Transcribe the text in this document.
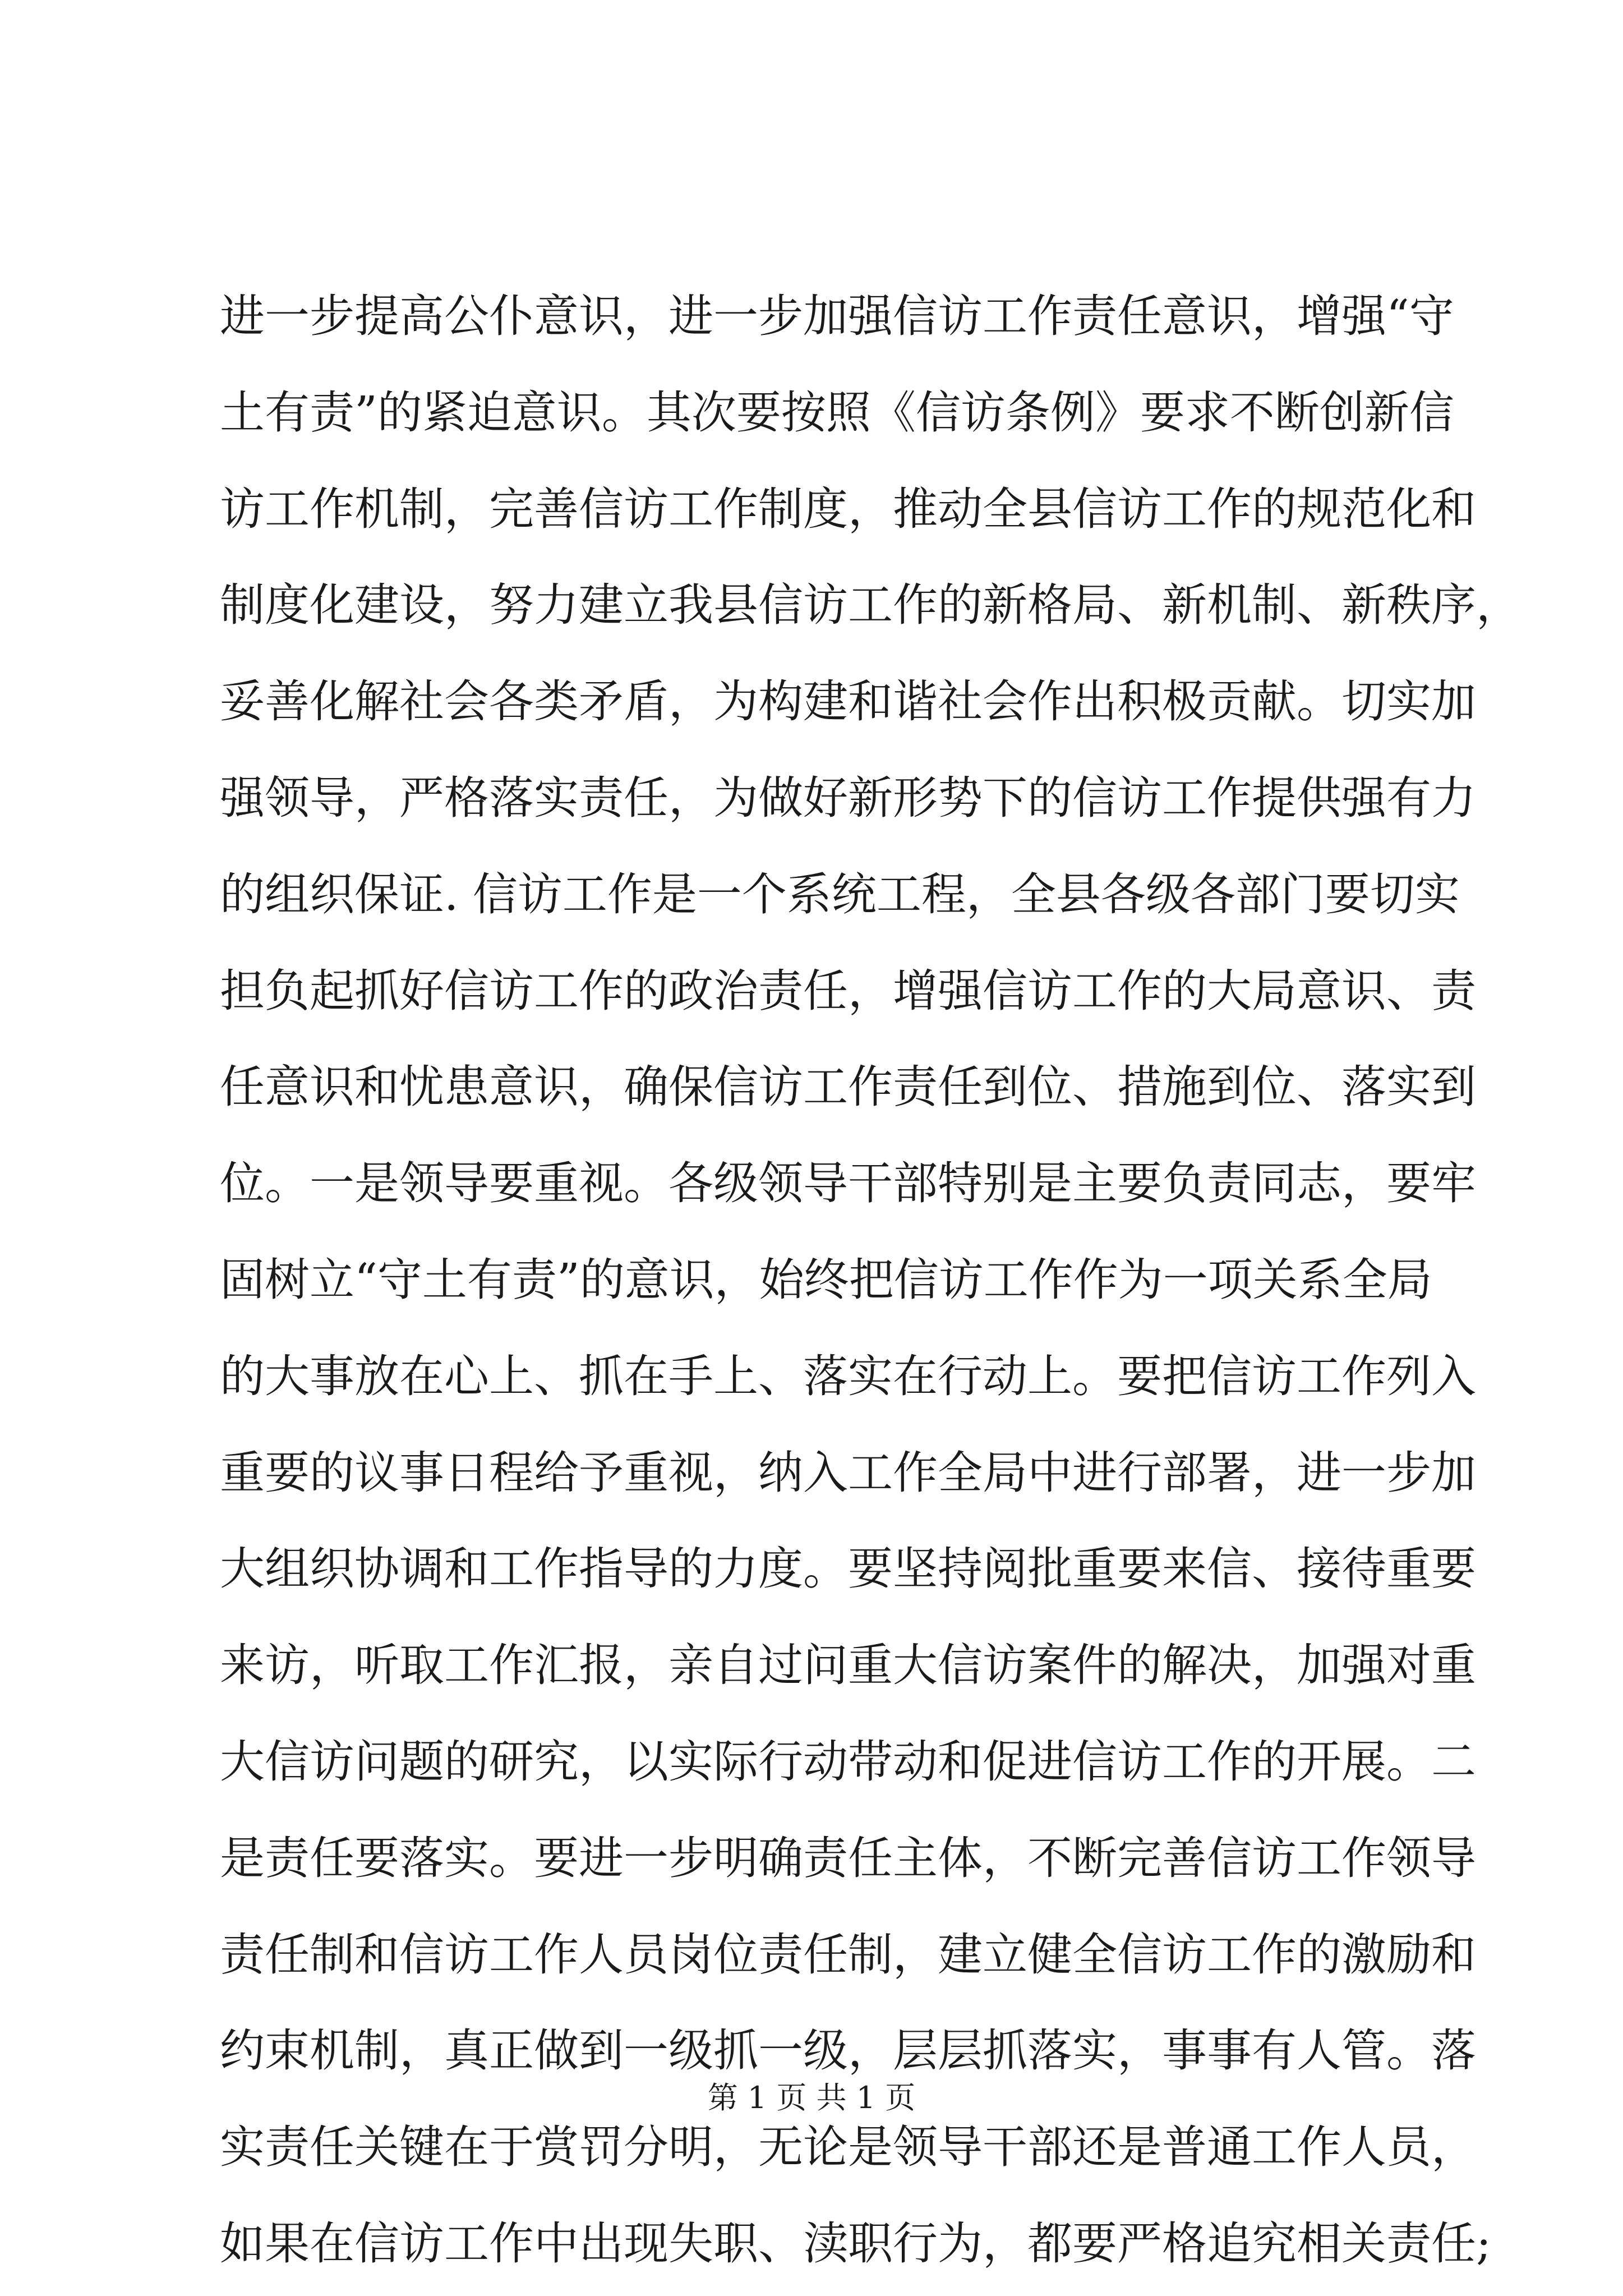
进一步提高公仆意识，进一步加强信访工作责任意识，增强“守
土有责”的紧迫意识。其次要按照《信访条例》要求不断创新信
访工作机制，完善信访工作制度，推动全县信访工作的规范化和
制度化建设，努力建立我县信访工作的新格局、新机制、新秩序，
妥善化解社会各类矛盾，为构建和谐社会作出积极贡献。切实加
强领导，严格落实责任，为做好新形势下的信访工作提供强有力
的组织保证. 信访工作是一个系统工程，全县各级各部门要切实
担负起抓好信访工作的政治责任，增强信访工作的大局意识、责
任意识和忧患意识，确保信访工作责任到位、措施到位、落实到
位。一是领导要重视。各级领导干部特别是主要负责同志，要牢
固树立“守土有责”的意识，始终把信访工作作为一项关系全局
的大事放在心上、抓在手上、落实在行动上。要把信访工作列入
重要的议事日程给予重视，纳入工作全局中进行部署，进一步加
大组织协调和工作指导的力度。要坚持阅批重要来信、接待重要
来访，听取工作汇报，亲自过问重大信访案件的解决，加强对重
大信访问题的研究，以实际行动带动和促进信访工作的开展。二
是责任要落实。要进一步明确责任主体，不断完善信访工作领导
责任制和信访工作人员岗位责任制，建立健全信访工作的激励和
约束机制，真正做到一级抓一级，层层抓落实，事事有人管。落
实责任关键在于赏罚分明，无论是领导干部还是普通工作人员，
如果在信访工作中出现失职、渎职行为，都要严格追究相关责任;
第 1 页 共 1 页
